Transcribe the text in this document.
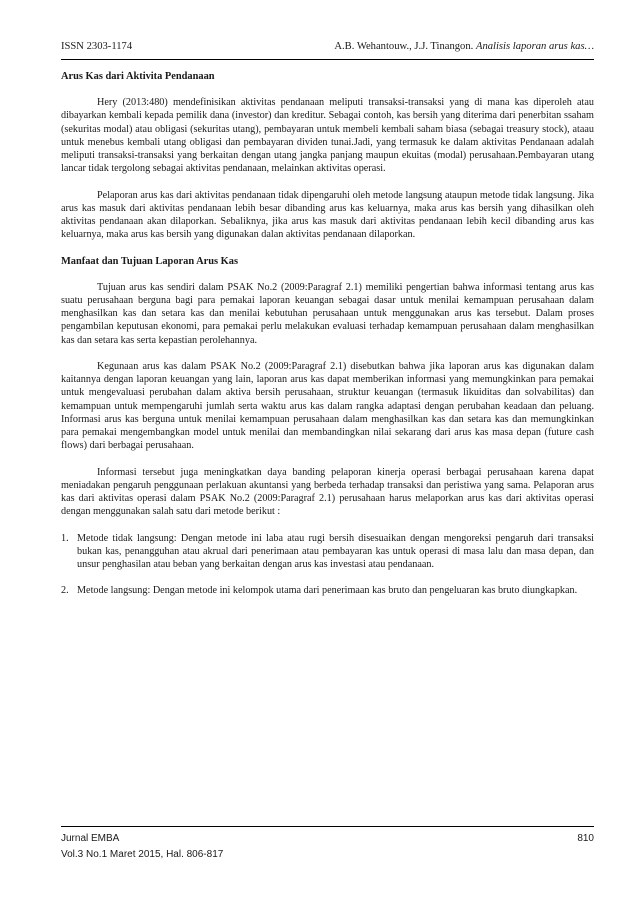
ISSN 2303-1174	A.B. Wehantouw., J.J. Tinangon. Analisis laporan arus kas…
Arus Kas dari Aktivita Pendanaan

Hery (2013:480) mendefinisikan aktivitas pendanaan meliputi transaksi-transaksi yang di mana kas diperoleh atau dibayarkan kembali kepada pemilik dana (investor) dan kreditur. Sebagai contoh, kas bersih yang diterima dari penerbitan ssaham (sekuritas modal) atau obligasi (sekuritas utang), pembayaran untuk membeli kembali saham biasa (sebagai treasury stock), ataau untuk menebus kembali utang obligasi dan pembayaran dividen tunai.Jadi, yang termasuk ke dalam aktivitas Pendanaan adalah meliputi transaksi-transaksi yang berkaitan dengan utang jangka panjang maupun ekuitas (modal) perusahaan.Pembayaran utang lancar tidak tergolong sebagai aktivitas pendanaan, melainkan aktivitas operasi.

Pelaporan arus kas dari aktivitas pendanaan tidak dipengaruhi oleh metode langsung ataupun metode tidak langsung. Jika arus kas masuk dari aktivitas pendanaan lebih besar dibanding arus kas keluarnya, maka arus kas bersih yang dihasilkan oleh aktivitas pendanaan akan dilaporkan. Sebaliknya, jika arus kas masuk dari aktivitas pendanaan lebih kecil dibanding arus kas keluarnya, maka arus kas bersih yang digunakan dalan aktivitas pendanaan dilaporkan.

Manfaat dan Tujuan Laporan Arus Kas

Tujuan arus kas sendiri dalam PSAK No.2 (2009:Paragraf 2.1) memiliki pengertian bahwa informasi tentang arus kas suatu perusahaan berguna bagi para pemakai laporan keuangan sebagai dasar untuk menilai kemampuan perusahaan dalam menghasilkan kas dan setara kas dan menilai kebutuhan perusahaan untuk menggunakan arus kas tersebut. Dalam proses pengambilan keputusan ekonomi, para pemakai perlu melakukan evaluasi terhadap kemampuan perusahaan dalam menghasilkan kas dan setara kas serta kepastian perolehannya.

Kegunaan arus kas dalam PSAK No.2 (2009:Paragraf 2.1) disebutkan bahwa jika laporan arus kas digunakan dalam kaitannya dengan laporan keuangan yang lain, laporan arus kas dapat memberikan informasi yang memungkinkan para pemakai untuk mengevaluasi perubahan dalam aktiva bersih perusahaan, struktur keuangan (termasuk likuiditas dan solvabilitas) dan kemampuan untuk mempengaruhi jumlah serta waktu arus kas dalam rangka adaptasi dengan perubahan keadaan dan peluang. Informasi arus kas berguna untuk menilai kemampuan perusahaan dalam menghasilkan kas dan setara kas dan memungkinkan para pemakai mengembangkan model untuk menilai dan membandingkan nilai sekarang dari arus kas masa depan (future cash flows) dari berbagai perusahaan.

Informasi tersebut juga meningkatkan daya banding pelaporan kinerja operasi berbagai perusahaan karena dapat meniadakan pengaruh penggunaan perlakuan akuntansi yang berbeda terhadap transaksi dan peristiwa yang sama. Pelaporan arus kas dari aktivitas operasi dalam PSAK No.2 (2009:Paragraf 2.1) perusahaan harus melaporkan arus kas dari aktivitas operasi dengan menggunakan salah satu dari metode berikut :

1. Metode tidak langsung: Dengan metode ini laba atau rugi bersih disesuaikan dengan mengoreksi pengaruh dari transaksi bukan kas, penangguhan atau akrual dari penerimaan atau pembayaran kas untuk operasi di masa lalu dan masa depan, dan unsur penghasilan atau beban yang berkaitan dengan arus kas investasi atau pendanaan.
2. Metode langsung: Dengan metode ini kelompok utama dari penerimaan kas bruto dan pengeluaran kas bruto diungkapkan.
Jurnal EMBA
Vol.3 No.1 Maret 2015, Hal. 806-817
810
